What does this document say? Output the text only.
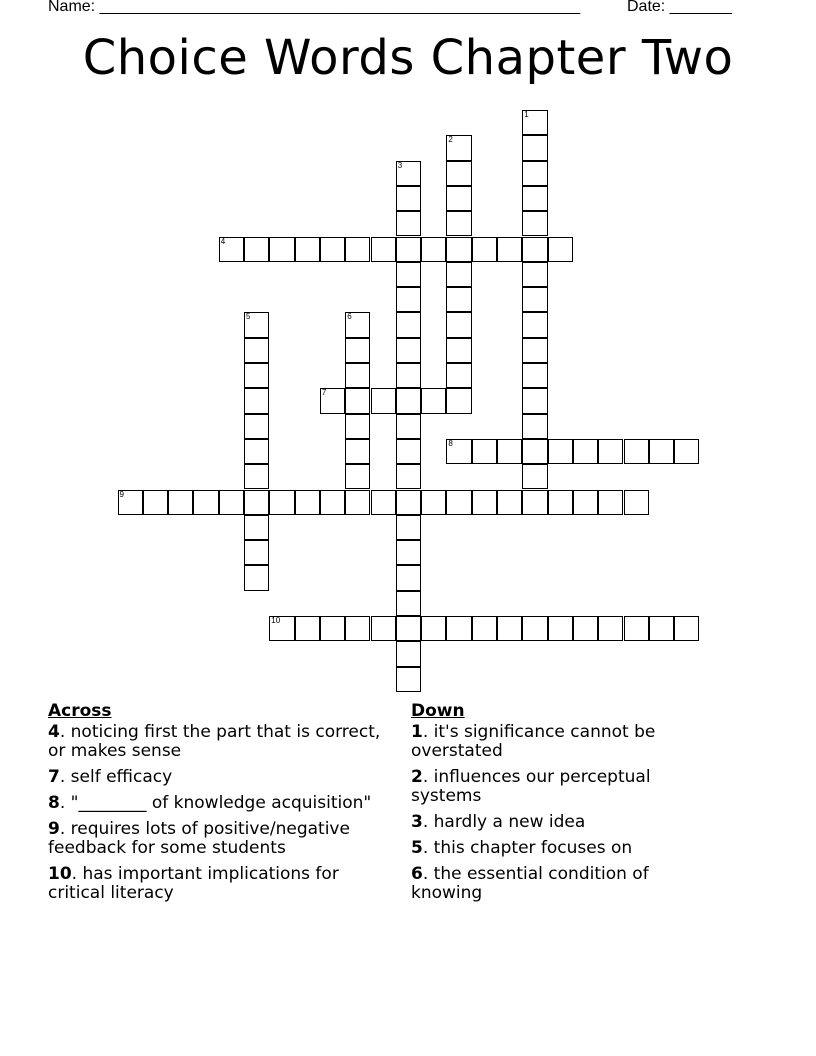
Name: ______________________________________________________	Date: _______
Choice Words Chapter Two
1
2
3
4
5	6
7
8
9
10
Across
4. noticing first the part that is correct, or makes sense
7. self efficacy
8. "________ of knowledge acquisition"
9. requires lots of positive/negative feedback for some students
10. has important implications for critical literacy
Down
1. it's significance cannot be overstated
2. influences our perceptual systems
3. hardly a new idea
5. this chapter focuses on
6. the essential condition of knowing
